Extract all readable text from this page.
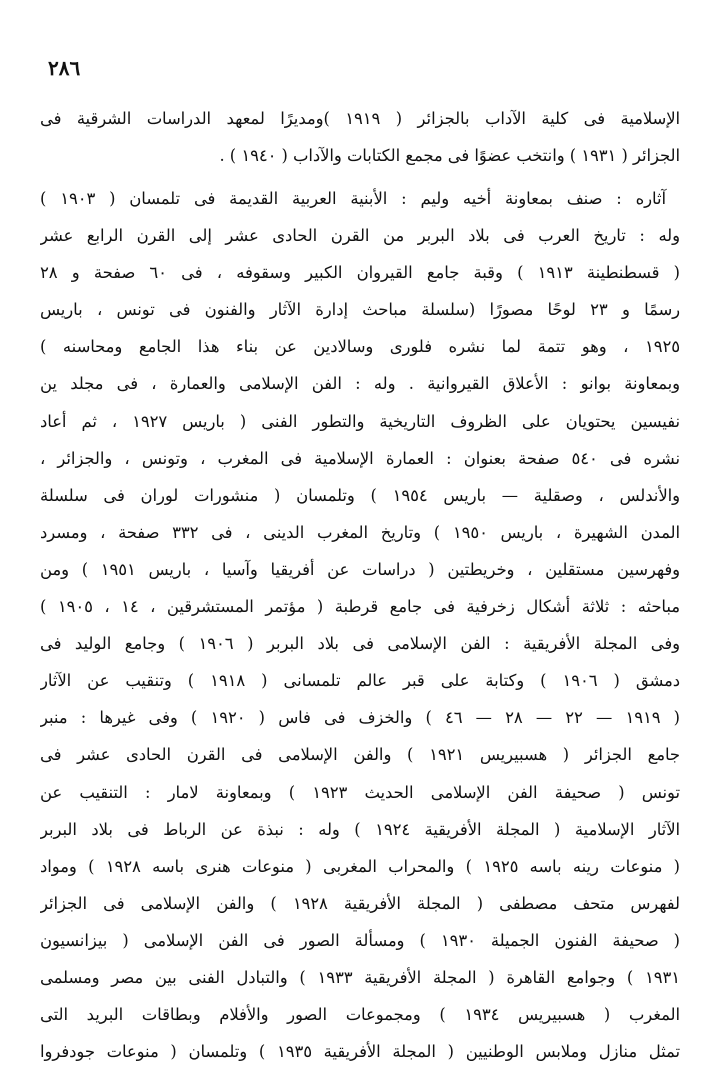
٢٨٦
الإسلامية فى كلية الآداب بالجزائر ( ١٩١٩ )ومديرًا لمعهد الدراسات الشرقية فى
الجزائر ( ١٩٣١ ) وانتخب عضوًا فى مجمع الكتابات والآداب ( ١٩٤٠ ) .
آثاره : صنف بمعاونة أخيه وليم : الأبنية العربية القديمة فى تلمسان ( ١٩٠٣ )
وله : تاريخ العرب فى بلاد البربر من القرن الحادى عشر إلى القرن الرابع عشر
( قسطنطينة ١٩١٣ ) وقبة جامع القيروان الكبير وسقوفه ، فى ٦٠ صفحة و ٢٨
رسمًا و ٢٣ لوحًا مصورًا (سلسلة مباحث إدارة الآثار والفنون فى تونس ، باريس
١٩٢٥ ، وهو تتمة لما نشره فلورى وسالادين عن بناء هذا الجامع ومحاسنه )
وبمعاونة بوانو : الأعلاق القيروانية . وله : الفن الإسلامى والعمارة ، فى مجلد ين
نفيسين يحتويان على الظروف التاريخية والتطور الفنى ( باريس ١٩٢٧ ، ثم أعاد
نشره فى ٥٤٠ صفحة بعنوان : العمارة الإسلامية فى المغرب ، وتونس ، والجزائر ،
والأندلس ، وصقلية — باريس ١٩٥٤ ) وتلمسان ( منشورات لوران فى سلسلة
المدن الشهيرة ، باريس ١٩٥٠ ) وتاريخ المغرب الدينى ، فى ٣٣٢ صفحة ، ومسرد
وفهرسين مستقلين ، وخريطتين ( دراسات عن أفريقيا وآسيا ، باريس ١٩٥١ ) ومن
مباحثه : ثلاثة أشكال زخرفية فى جامع قرطبة ( مؤتمر المستشرقين ، ١٤ ، ١٩٠٥ )
وفى المجلة الأفريقية : الفن الإسلامى فى بلاد البربر ( ١٩٠٦ ) وجامع الوليد فى
دمشق ( ١٩٠٦ ) وكتابة على قبر عالم تلمسانى ( ١٩١٨ ) وتنقيب عن الآثار
( ١٩١٩ — ٢٢ — ٢٨ — ٤٦ ) والخزف فى فاس ( ١٩٢٠ ) وفى غيرها : منبر
جامع الجزائر ( هسبيريس ١٩٢١ ) والفن الإسلامى فى القرن الحادى عشر فى
تونس ( صحيفة الفن الإسلامى الحديث ١٩٢٣ ) وبمعاونة لامار : التنقيب عن
الآثار الإسلامية ( المجلة الأفريقية ١٩٢٤ ) وله : نبذة عن الرباط فى بلاد البربر
( منوعات رينه باسه ١٩٢٥ ) والمحراب المغربى ( منوعات هنرى باسه ١٩٢٨ ) ومواد
لفهرس متحف مصطفى ( المجلة الأفريقية ١٩٢٨ ) والفن الإسلامى فى الجزائر
( صحيفة الفنون الجميلة ١٩٣٠ ) ومسألة الصور فى الفن الإسلامى ( بيزانسيون
١٩٣١ ) وجوامع القاهرة ( المجلة الأفريقية ١٩٣٣ ) والتبادل الفنى بين مصر ومسلمى
المغرب ( هسبيريس ١٩٣٤ ) ومجموعات الصور والأفلام وبطاقات البريد التى
تمثل منازل وملابس الوطنيين ( المجلة الأفريقية ١٩٣٥ ) وتلمسان ( منوعات جودفروا
